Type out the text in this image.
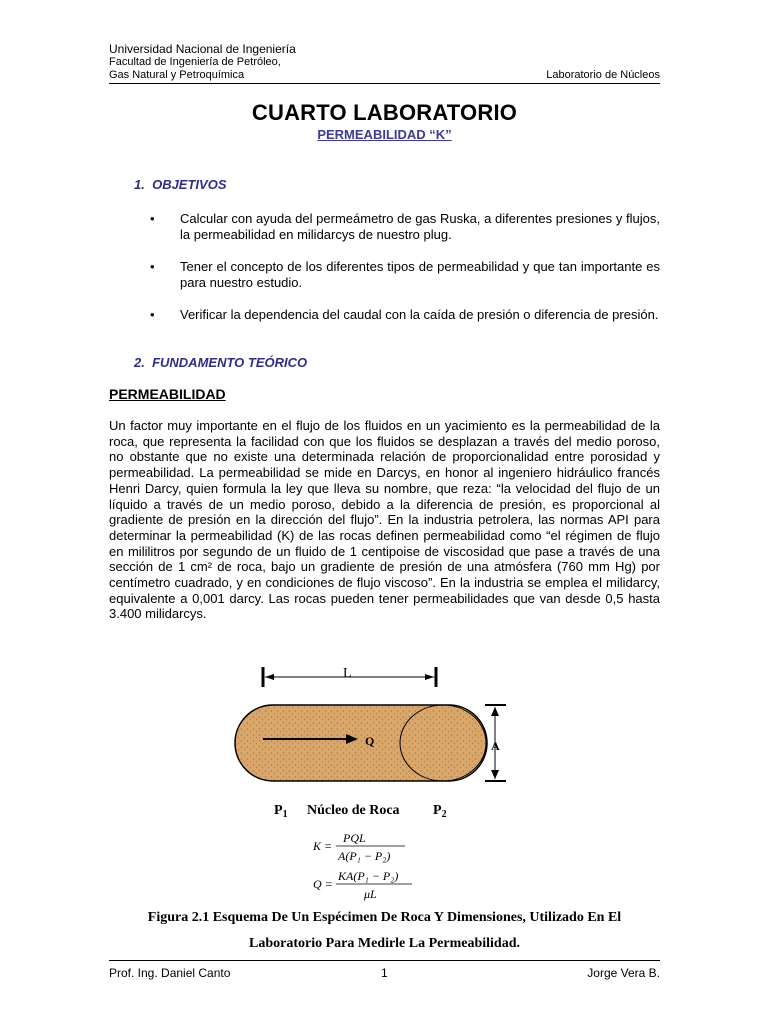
Universidad Nacional de Ingeniería
Facultad de Ingeniería de Petróleo,
Gas Natural y Petroquímica	Laboratorio de Núcleos
CUARTO LABORATORIO
PERMEABILIDAD “K”
1. OBJETIVOS
• Calcular con ayuda del permeámetro de gas Ruska, a diferentes presiones y flujos, la permeabilidad en milidarcys de nuestro plug.
• Tener el concepto de los diferentes tipos de permeabilidad y que tan importante es para nuestro estudio.
• Verificar la dependencia del caudal con la caída de presión o diferencia de presión.
2. FUNDAMENTO TEÓRICO
PERMEABILIDAD
Un factor muy importante en el flujo de los fluidos en un yacimiento es la permeabilidad de la roca, que representa la facilidad con que los fluidos se desplazan a través del medio poroso, no obstante que no existe una determinada relación de proporcionalidad entre porosidad y permeabilidad. La permeabilidad se mide en Darcys, en honor al ingeniero hidráulico francés Henri Darcy, quien formula la ley que lleva su nombre, que reza: “la velocidad del flujo de un líquido a través de un medio poroso, debido a la diferencia de presión, es proporcional al gradiente de presión en la dirección del flujo”. En la industria petrolera, las normas API para determinar la permeabilidad (K) de las rocas definen permeabilidad como “el régimen de flujo en mililitros por segundo de un fluido de 1 centipoise de viscosidad que pase a través de una sección de 1 cm² de roca, bajo un gradiente de presión de una atmósfera (760 mm Hg) por centímetro cuadrado, y en condiciones de flujo viscoso”. En la industria se emplea el milidarcy, equivalente a 0,001 darcy. Las rocas pueden tener permeabilidades que van desde 0,5 hasta 3.400 milidarcys.
L
Q	A
$P_1$ Núcleo de Roca $P_2$
K =
PQL
A(P₁ − P₂)
Q =
KA(P₁ − P₂)
μL
Figura 2.1 Esquema De Un Espécimen De Roca Y Dimensiones, Utilizado En El
Laboratorio Para Medirle La Permeabilidad.
Prof. Ing. Daniel Canto	1	Jorge Vera B.
